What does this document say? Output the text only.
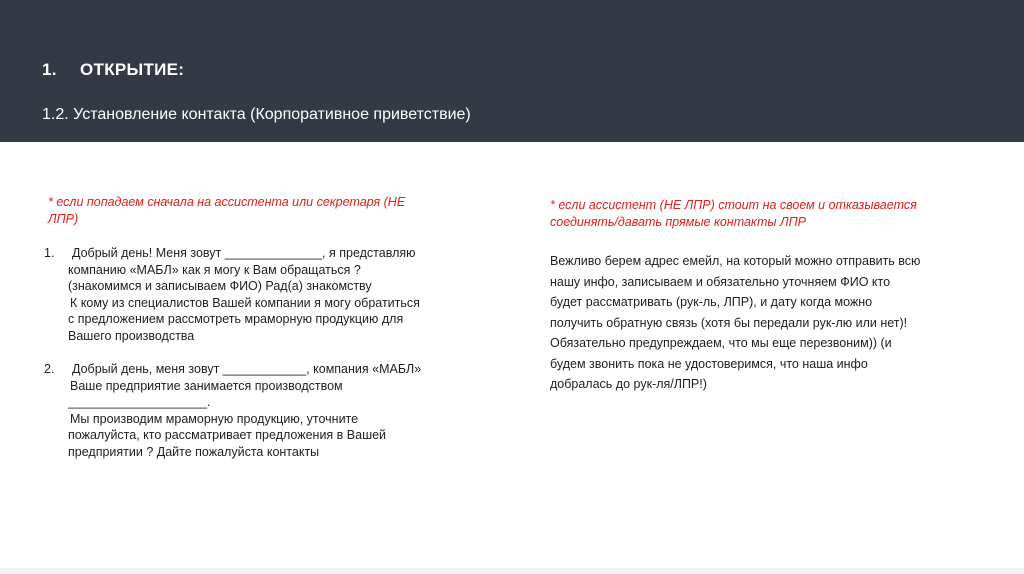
1. ОТКРЫТИЕ:
1.2. Установление контакта (Корпоративное приветствие)
* если попадаем сначала на ассистента или секретаря (НЕ
ЛПР)
1.	Добрый день! Меня зовут ______________, я представляю
компанию «МАБЛ» как я могу к Вам обращаться ?
(знакомимся и записываем ФИО) Рад(а) знакомству
К кому из специалистов Вашей компании я могу обратиться
с предложением рассмотреть мраморную продукцию для
Вашего производства
2.	Добрый день, меня зовут ____________, компания «МАБЛ»
Ваше предприятие занимается производством
____________________.
Мы производим мраморную продукцию, уточните
пожалуйста, кто рассматривает предложения в Вашей
предприятии ? Дайте пожалуйста контакты
* если ассистент (НЕ ЛПР) стоит на своем и отказывается
соединять/давать прямые контакты ЛПР
Вежливо берем адрес емейл, на который можно отправить всю
нашу инфо, записываем и обязательно уточняем ФИО кто
будет рассматривать (рук-ль, ЛПР), и дату когда можно
получить обратную связь (хотя бы передали рук-лю или нет)!
Обязательно предупреждаем, что мы еще перезвоним)) (и
будем звонить пока не удостоверимся, что наша инфо
добралась до рук-ля/ЛПР!)
